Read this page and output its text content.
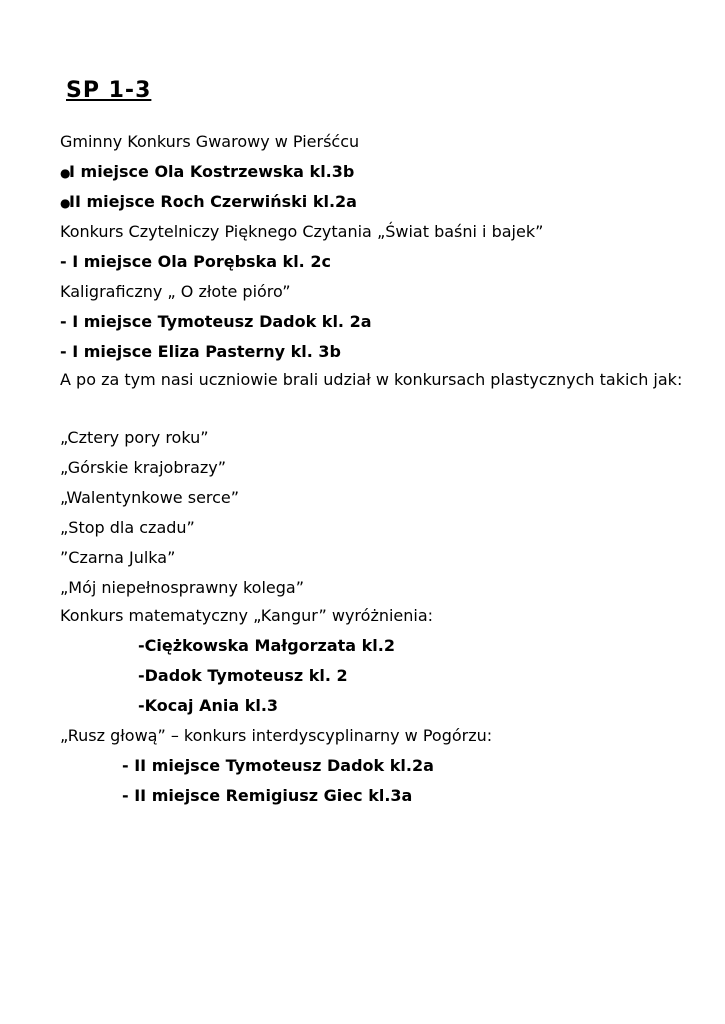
SP 1-3
Gminny Konkurs Gwarowy w Pierśćcu
●I miejsce Ola Kostrzewska kl.3b
●II miejsce Roch Czerwiński kl.2a
Konkurs Czytelniczy Pięknego Czytania „Świat baśni i bajek”
- I miejsce Ola Porębska kl. 2c
Kaligraficzny „ O złote pióro”
- I miejsce Tymoteusz Dadok kl. 2a
- I miejsce Eliza Pasterny kl. 3b
A po za tym nasi uczniowie brali udział w konkursach plastycznych takich jak:
„Cztery pory roku”
„Górskie krajobrazy”
„Walentynkowe serce”
„Stop dla czadu”
”Czarna Julka”
„Mój niepełnosprawny kolega”
Konkurs matematyczny „Kangur” wyróżnienia:
-Ciężkowska Małgorzata kl.2
-Dadok Tymoteusz kl. 2
-Kocaj Ania kl.3
„Rusz głową” – konkurs interdyscyplinarny w Pogórzu:
- II miejsce Tymoteusz Dadok kl.2a
- II miejsce Remigiusz Giec kl.3a
